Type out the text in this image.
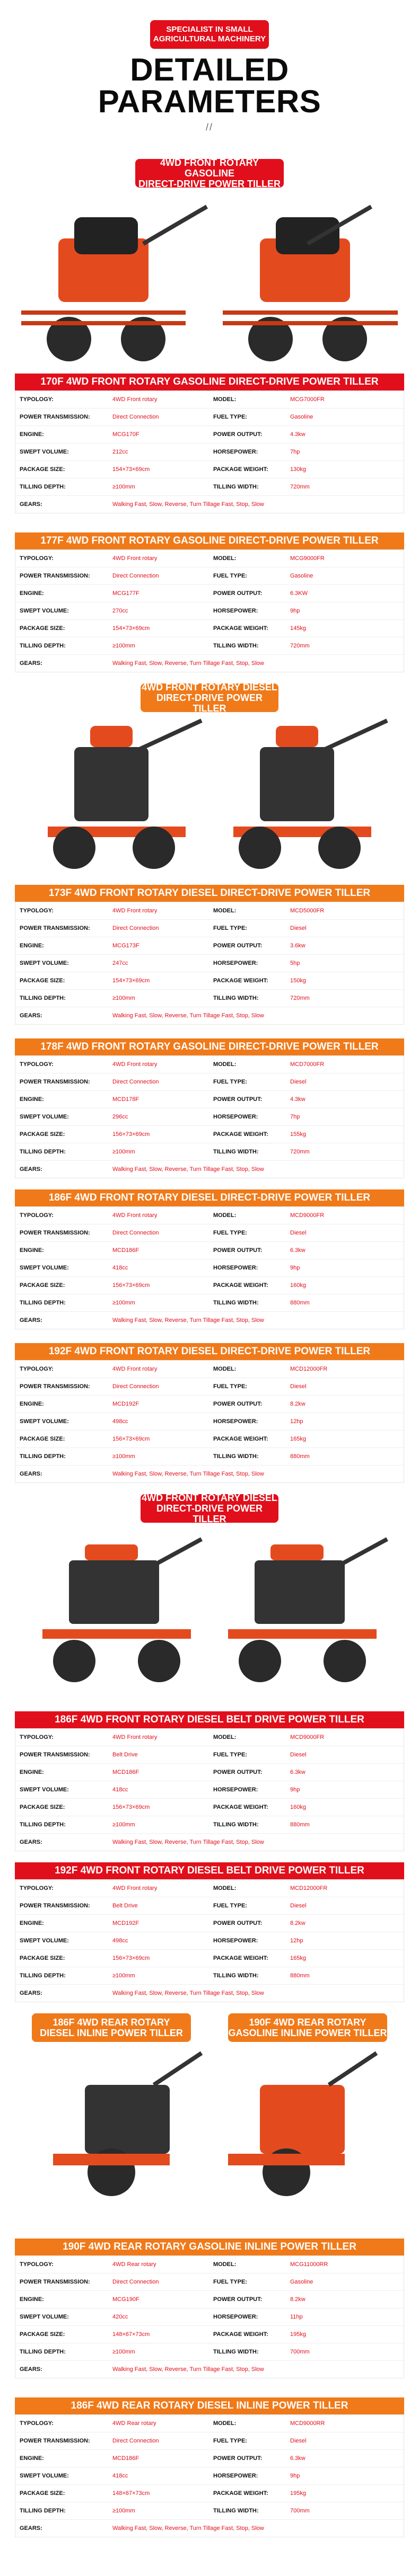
SPECIALIST IN SMALL
AGRICULTURAL MACHINERY
DETAILED
PARAMETERS
//
4WD FRONT ROTARY GASOLINE
DIRECT-DRIVE POWER TILLER
170F 4WD FRONT ROTARY GASOLINE DIRECT-DRIVE POWER TILLER
TYPOLOGY:	4WD Front rotary	MODEL:	MCG7000FR
POWER TRANSMISSION:	Direct Connection	FUEL TYPE:	Gasoline
ENGINE:	MCG170F	POWER OUTPUT:	4.3kw
SWEPT VOLUME:	212cc	HORSEPOWER:	7hp
PACKAGE SIZE:	154×73×69cm	PACKAGE WEIGHT:	130kg
TILLING DEPTH:	≥100mm	TILLING WIDTH:	720mm
GEARS:	Walking Fast, Slow, Reverse, Turn Tillage Fast, Stop, Slow
177F 4WD FRONT ROTARY GASOLINE DIRECT-DRIVE POWER TILLER
TYPOLOGY:	4WD Front rotary	MODEL:	MCG9000FR
POWER TRANSMISSION:	Direct Connection	FUEL TYPE:	Gasoline
ENGINE:	MCG177F	POWER OUTPUT:	6.3KW
SWEPT VOLUME:	270cc	HORSEPOWER:	9hp
PACKAGE SIZE:	154×73×69cm	PACKAGE WEIGHT:	145kg
TILLING DEPTH:	≥100mm	TILLING WIDTH:	720mm
GEARS:	Walking Fast, Slow, Reverse, Turn Tillage Fast, Stop, Slow
4WD FRONT ROTARY DIESEL
DIRECT-DRIVE POWER TILLER
173F 4WD FRONT ROTARY DIESEL DIRECT-DRIVE POWER TILLER
TYPOLOGY:	4WD Front rotary	MODEL:	MCD5000FR
POWER TRANSMISSION:	Direct Connection	FUEL TYPE:	Diesel
ENGINE:	MCG173F	POWER OUTPUT:	3.6kw
SWEPT VOLUME:	247cc	HORSEPOWER:	5hp
PACKAGE SIZE:	154×73×69cm	PACKAGE WEIGHT:	150kg
TILLING DEPTH:	≥100mm	TILLING WIDTH:	720mm
GEARS:	Walking Fast, Slow, Reverse, Turn Tillage Fast, Stop, Slow
178F 4WD FRONT ROTARY GASOLINE DIRECT-DRIVE POWER TILLER
TYPOLOGY:	4WD Front rotary	MODEL:	MCD7000FR
POWER TRANSMISSION:	Direct Connection	FUEL TYPE:	Diesel
ENGINE:	MCD178F	POWER OUTPUT:	4.3kw
SWEPT VOLUME:	296cc	HORSEPOWER:	7hp
PACKAGE SIZE:	156×73×69cm	PACKAGE WEIGHT:	155kg
TILLING DEPTH:	≥100mm	TILLING WIDTH:	720mm
GEARS:	Walking Fast, Slow, Reverse, Turn Tillage Fast, Stop, Slow
186F 4WD FRONT ROTARY DIESEL DIRECT-DRIVE POWER TILLER
TYPOLOGY:	4WD Front rotary	MODEL:	MCD9000FR
POWER TRANSMISSION:	Direct Connection	FUEL TYPE:	Diesel
ENGINE:	MCD186F	POWER OUTPUT:	6.3kw
SWEPT VOLUME:	418cc	HORSEPOWER:	9hp
PACKAGE SIZE:	156×73×69cm	PACKAGE WEIGHT:	160kg
TILLING DEPTH:	≥100mm	TILLING WIDTH:	880mm
GEARS:	Walking Fast, Slow, Reverse, Turn Tillage Fast, Stop, Slow
192F 4WD FRONT ROTARY DIESEL DIRECT-DRIVE POWER TILLER
TYPOLOGY:	4WD Front rotary	MODEL:	MCD12000FR
POWER TRANSMISSION:	Direct Connection	FUEL TYPE:	Diesel
ENGINE:	MCD192F	POWER OUTPUT:	8.2kw
SWEPT VOLUME:	498cc	HORSEPOWER:	12hp
PACKAGE SIZE:	156×73×69cm	PACKAGE WEIGHT:	165kg
TILLING DEPTH:	≥100mm	TILLING WIDTH:	880mm
GEARS:	Walking Fast, Slow, Reverse, Turn Tillage Fast, Stop, Slow
4WD FRONT ROTARY DIESEL
DIRECT-DRIVE POWER TILLER
186F 4WD FRONT ROTARY DIESEL BELT DRIVE POWER TILLER
TYPOLOGY:	4WD Front rotary	MODEL:	MCD9000FR
POWER TRANSMISSION:	Belt Drive	FUEL TYPE:	Diesel
ENGINE:	MCD186F	POWER OUTPUT:	6.3kw
SWEPT VOLUME:	418cc	HORSEPOWER:	9hp
PACKAGE SIZE:	156×73×69cm	PACKAGE WEIGHT:	160kg
TILLING DEPTH:	≥100mm	TILLING WIDTH:	880mm
GEARS:	Walking Fast, Slow, Reverse, Turn Tillage Fast, Stop, Slow
192F 4WD FRONT ROTARY DIESEL BELT DRIVE POWER TILLER
TYPOLOGY:	4WD Front rotary	MODEL:	MCD12000FR
POWER TRANSMISSION:	Belt Drive	FUEL TYPE:	Diesel
ENGINE:	MCD192F	POWER OUTPUT:	8.2kw
SWEPT VOLUME:	498cc	HORSEPOWER:	12hp
PACKAGE SIZE:	156×73×69cm	PACKAGE WEIGHT:	165kg
TILLING DEPTH:	≥100mm	TILLING WIDTH:	880mm
GEARS:	Walking Fast, Slow, Reverse, Turn Tillage Fast, Stop, Slow
186F 4WD REAR ROTARY
DIESEL INLINE POWER TILLER
190F 4WD REAR ROTARY
GASOLINE INLINE POWER TILLER
190F 4WD REAR ROTARY GASOLINE INLINE POWER TILLER
TYPOLOGY:	4WD Rear rotary	MODEL:	MCG11000RR
POWER TRANSMISSION:	Direct Connection	FUEL TYPE:	Gasoline
ENGINE:	MCG190F	POWER OUTPUT:	8.2kw
SWEPT VOLUME:	420cc	HORSEPOWER:	11hp
PACKAGE SIZE:	148×67×73cm	PACKAGE WEIGHT:	195kg
TILLING DEPTH:	≥100mm	TILLING WIDTH:	700mm
GEARS:	Walking Fast, Slow, Reverse, Turn Tillage Fast, Stop, Slow
186F 4WD REAR ROTARY DIESEL INLINE POWER TILLER
TYPOLOGY:	4WD Rear rotary	MODEL:	MCD9000RR
POWER TRANSMISSION:	Direct Connection	FUEL TYPE:	Diesel
ENGINE:	MCD186F	POWER OUTPUT:	6.3kw
SWEPT VOLUME:	418cc	HORSEPOWER:	9hp
PACKAGE SIZE:	148×67×73cm	PACKAGE WEIGHT:	195kg
TILLING DEPTH:	≥100mm	TILLING WIDTH:	700mm
GEARS:	Walking Fast, Slow, Reverse, Turn Tillage Fast, Stop, Slow
